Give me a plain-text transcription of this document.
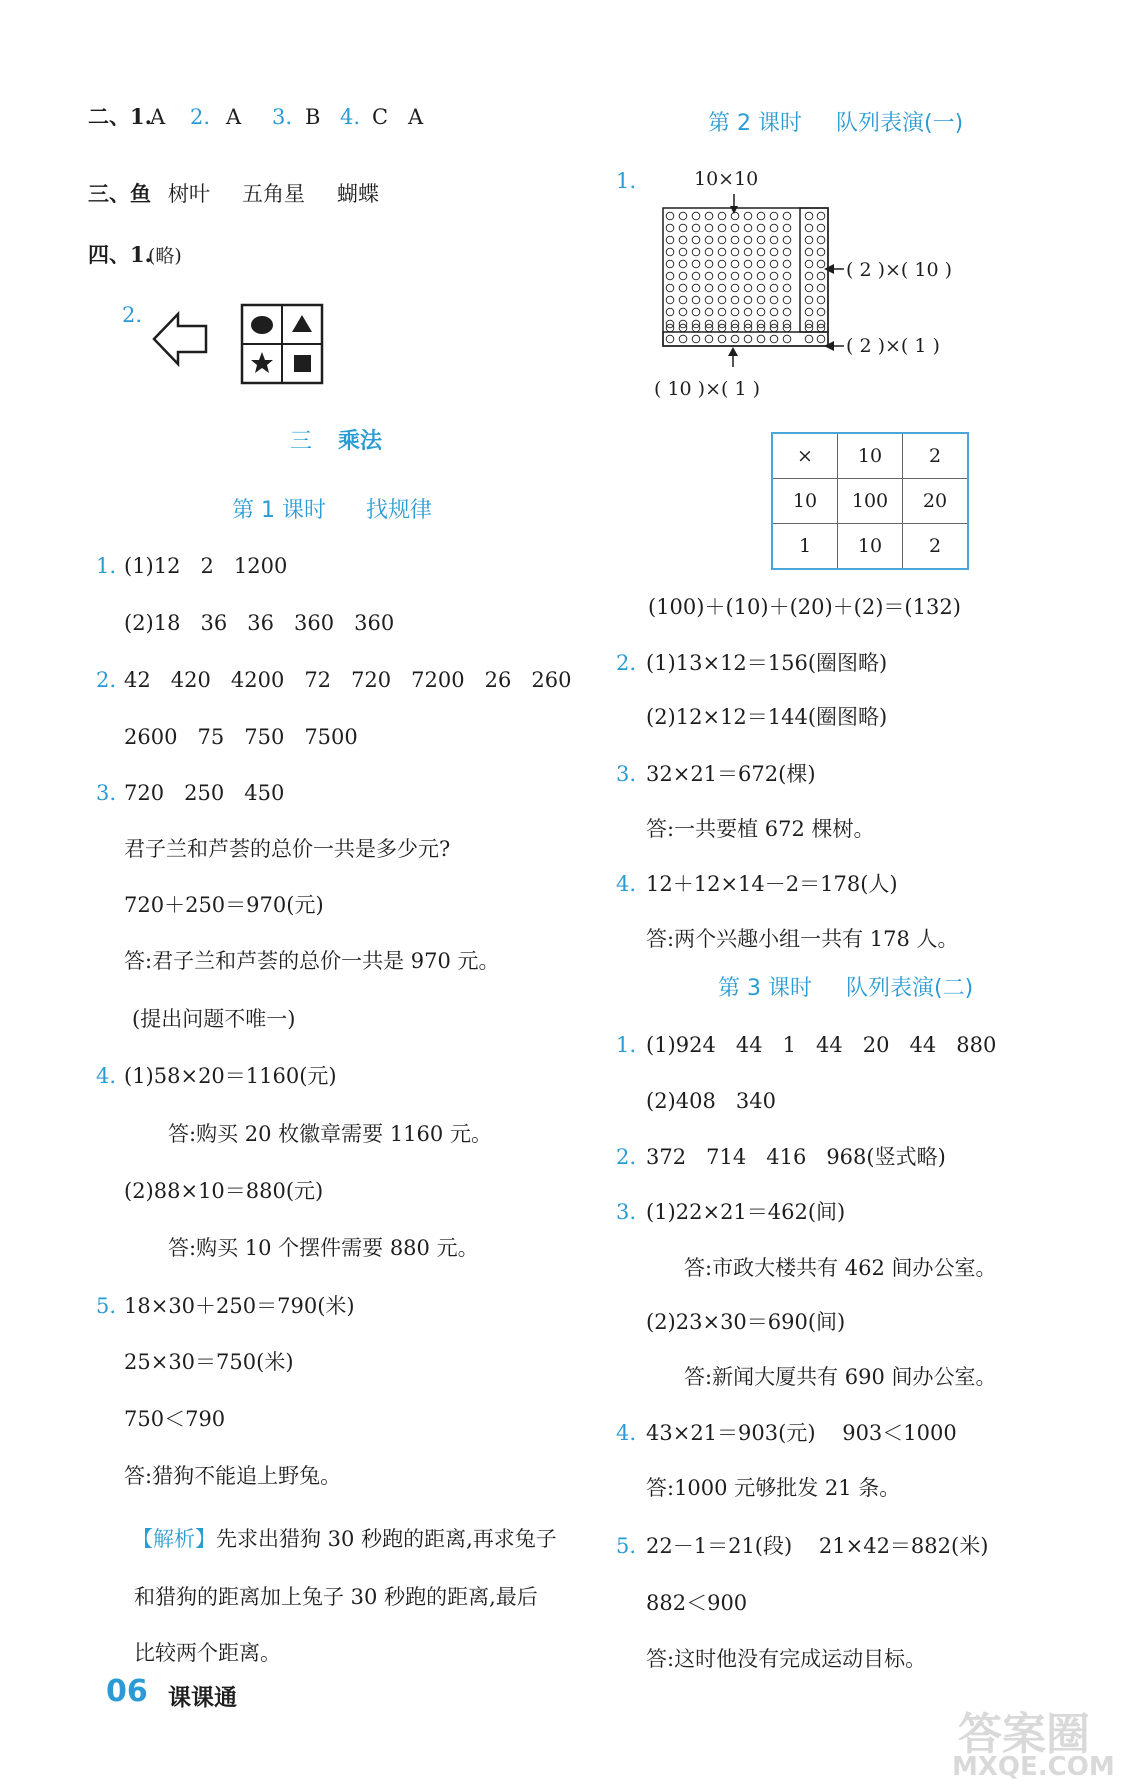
二、1.
A 2. A 3. B 4. C A
三、鱼 树叶 五角星 蝴蝶
四、1.
(略)
2.
三 乘法
第 1 课时 找规律
1. (1)12   2   1200
(2)18   36   36   360   360
2. 42   420   4200   72   720   7200   26   260
2600   75   750   7500
3. 720   250   450
君子兰和芦荟的总价一共是多少元?
720＋250＝970(元)
答:君子兰和芦荟的总价一共是 970 元。
(提出问题不唯一)
4. (1)58×20＝1160(元)
答:购买 20 枚徽章需要 1160 元。
(2)88×10＝880(元)
答:购买 10 个摆件需要 880 元。
5. 18×30＋250＝790(米)
25×30＝750(米)
750＜790
答:猎狗不能追上野兔。
【解析】 先求出猎狗 30 秒跑的距离,再求兔子
和猎狗的距离加上兔子 30 秒跑的距离,最后
比较两个距离。
第 2 课时 队列表演(一)
1.	10×10
( 2 )×( 10 )
( 2 )×( 1 )
( 10 )×( 1 )
×	10	2
10	100	20
1	10	2
(100)＋(10)＋(20)＋(2)＝(132)
2. (1)13×12＝156(圈图略)
(2)12×12＝144(圈图略)
3. 32×21＝672(棵)
答:一共要植 672 棵树。
4. 12＋12×14－2＝178(人)
答:两个兴趣小组一共有 178 人。
第 3 课时 队列表演(二)
1. (1)924   44   1   44   20   44   880
(2)408   340
2. 372   714   416   968(竖式略)
3. (1)22×21＝462(间)
答:市政大楼共有 462 间办公室。
(2)23×30＝690(间)
答:新闻大厦共有 690 间办公室。
4. 43×21＝903(元)    903＜1000
答:1000 元够批发 21 条。
5. 22－1＝21(段)    21×42＝882(米)
882＜900
答:这时他没有完成运动目标。
06 课课通
答案圈
MXQE.COM
